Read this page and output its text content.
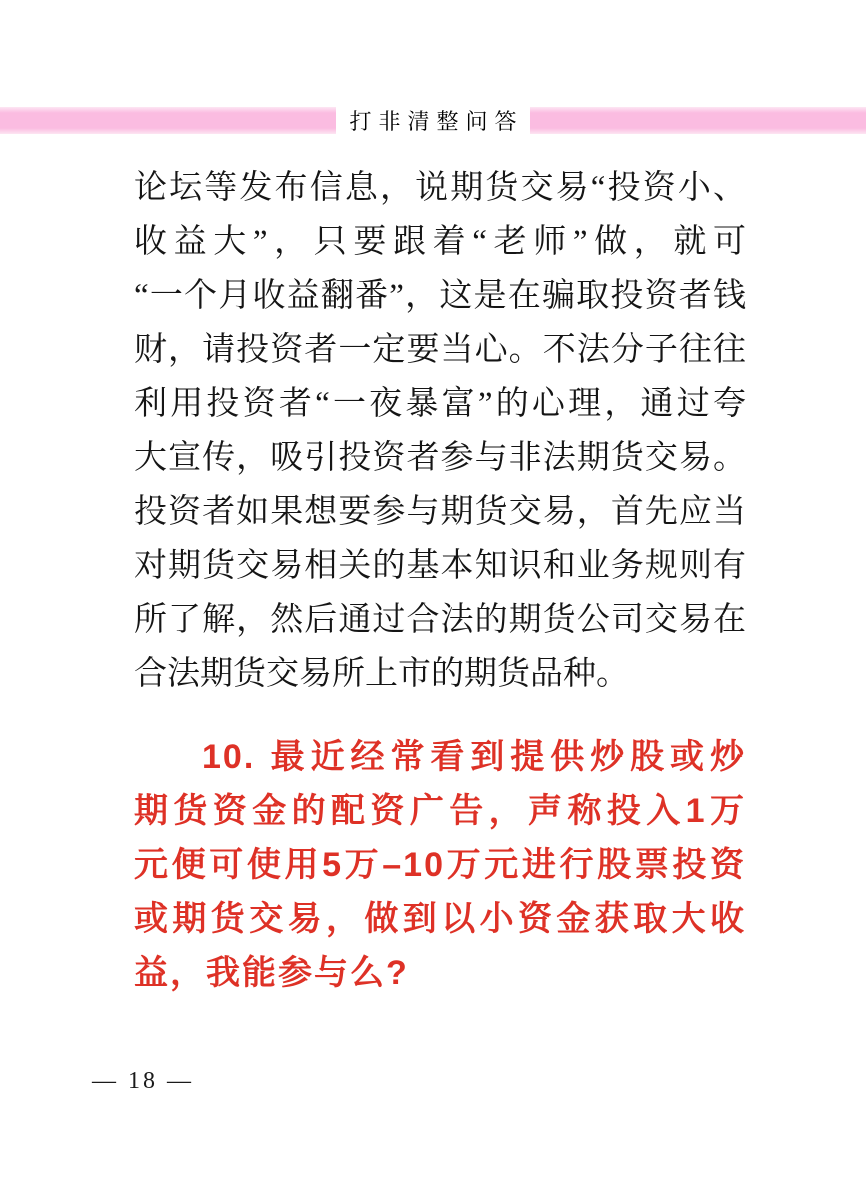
打非清整问答
论坛等发布信息，说期货交易“投资小、
收益大”，只要跟着“老师”做，就可
“一个月收益翻番”，这是在骗取投资者钱
财，请投资者一定要当心。不法分子往往
利用投资者“一夜暴富”的心理，通过夸
大宣传，吸引投资者参与非法期货交易。
投资者如果想要参与期货交易，首先应当
对期货交易相关的基本知识和业务规则有
所了解，然后通过合法的期货公司交易在
合法期货交易所上市的期货品种。
10. 最近经常看到提供炒股或炒
期货资金的配资广告，声称投入1万
元便可使用5万–10万元进行股票投资
或期货交易，做到以小资金获取大收
益，我能参与么?
— 18 —
